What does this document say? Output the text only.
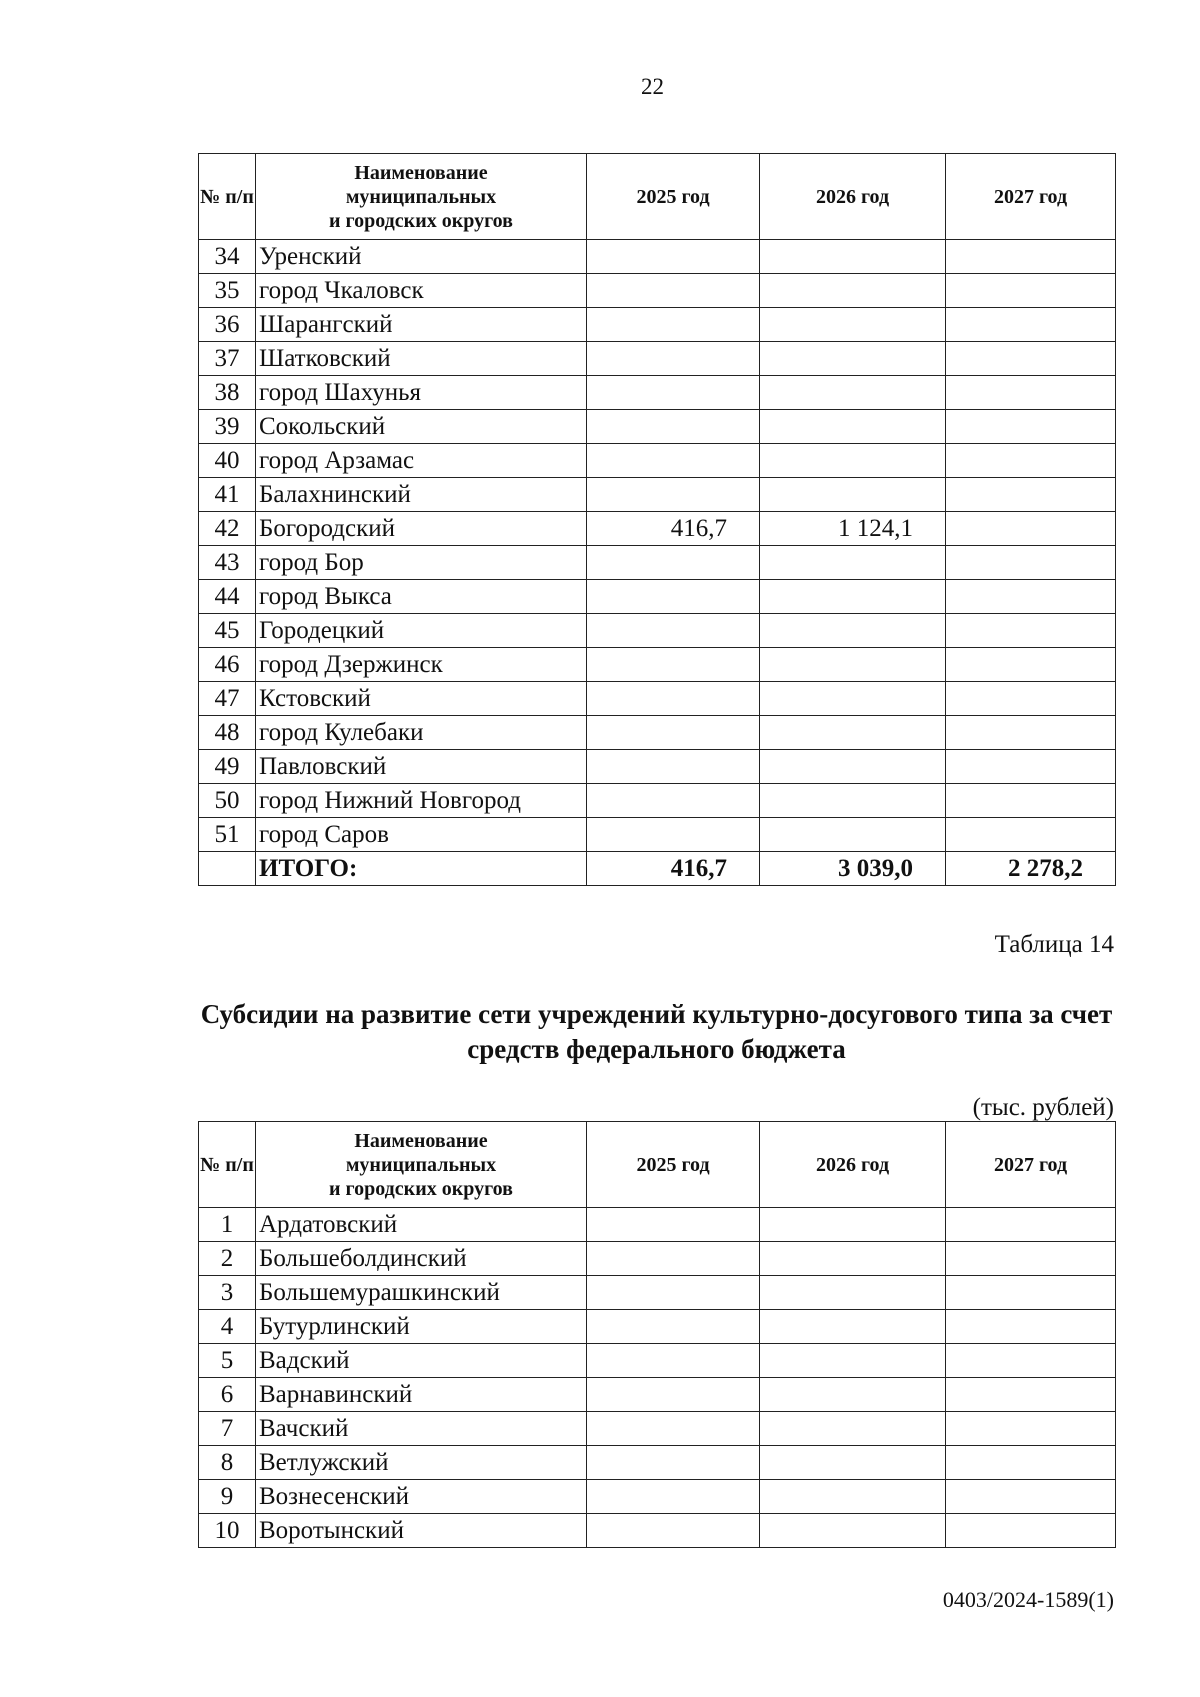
22
№ п/п	Наименование
муниципальных
и городских округов	2025 год	2026 год	2027 год
34	Уренский			
35	город Чкаловск			
36	Шарангский			
37	Шатковский			
38	город Шахунья			
39	Сокольский			
40	город Арзамас			
41	Балахнинский			
42	Богородский	416,7	1 124,1	
43	город Бор			
44	город Выкса			
45	Городецкий			
46	город Дзержинск			
47	Кстовский			
48	город Кулебаки			
49	Павловский			
50	город Нижний Новгород			
51	город Саров			
	ИТОГО:	416,7	3 039,0	2 278,2
Таблица 14
Субсидии на развитие сети учреждений культурно-досугового типа за счет средств федерального бюджета
(тыс. рублей)
№ п/п	Наименование
муниципальных
и городских округов	2025 год	2026 год	2027 год
1	Ардатовский			
2	Большеболдинский			
3	Большемурашкинский			
4	Бутурлинский			
5	Вадский			
6	Варнавинский			
7	Вачский			
8	Ветлужский			
9	Вознесенский			
10	Воротынский			
0403/2024-1589(1)
